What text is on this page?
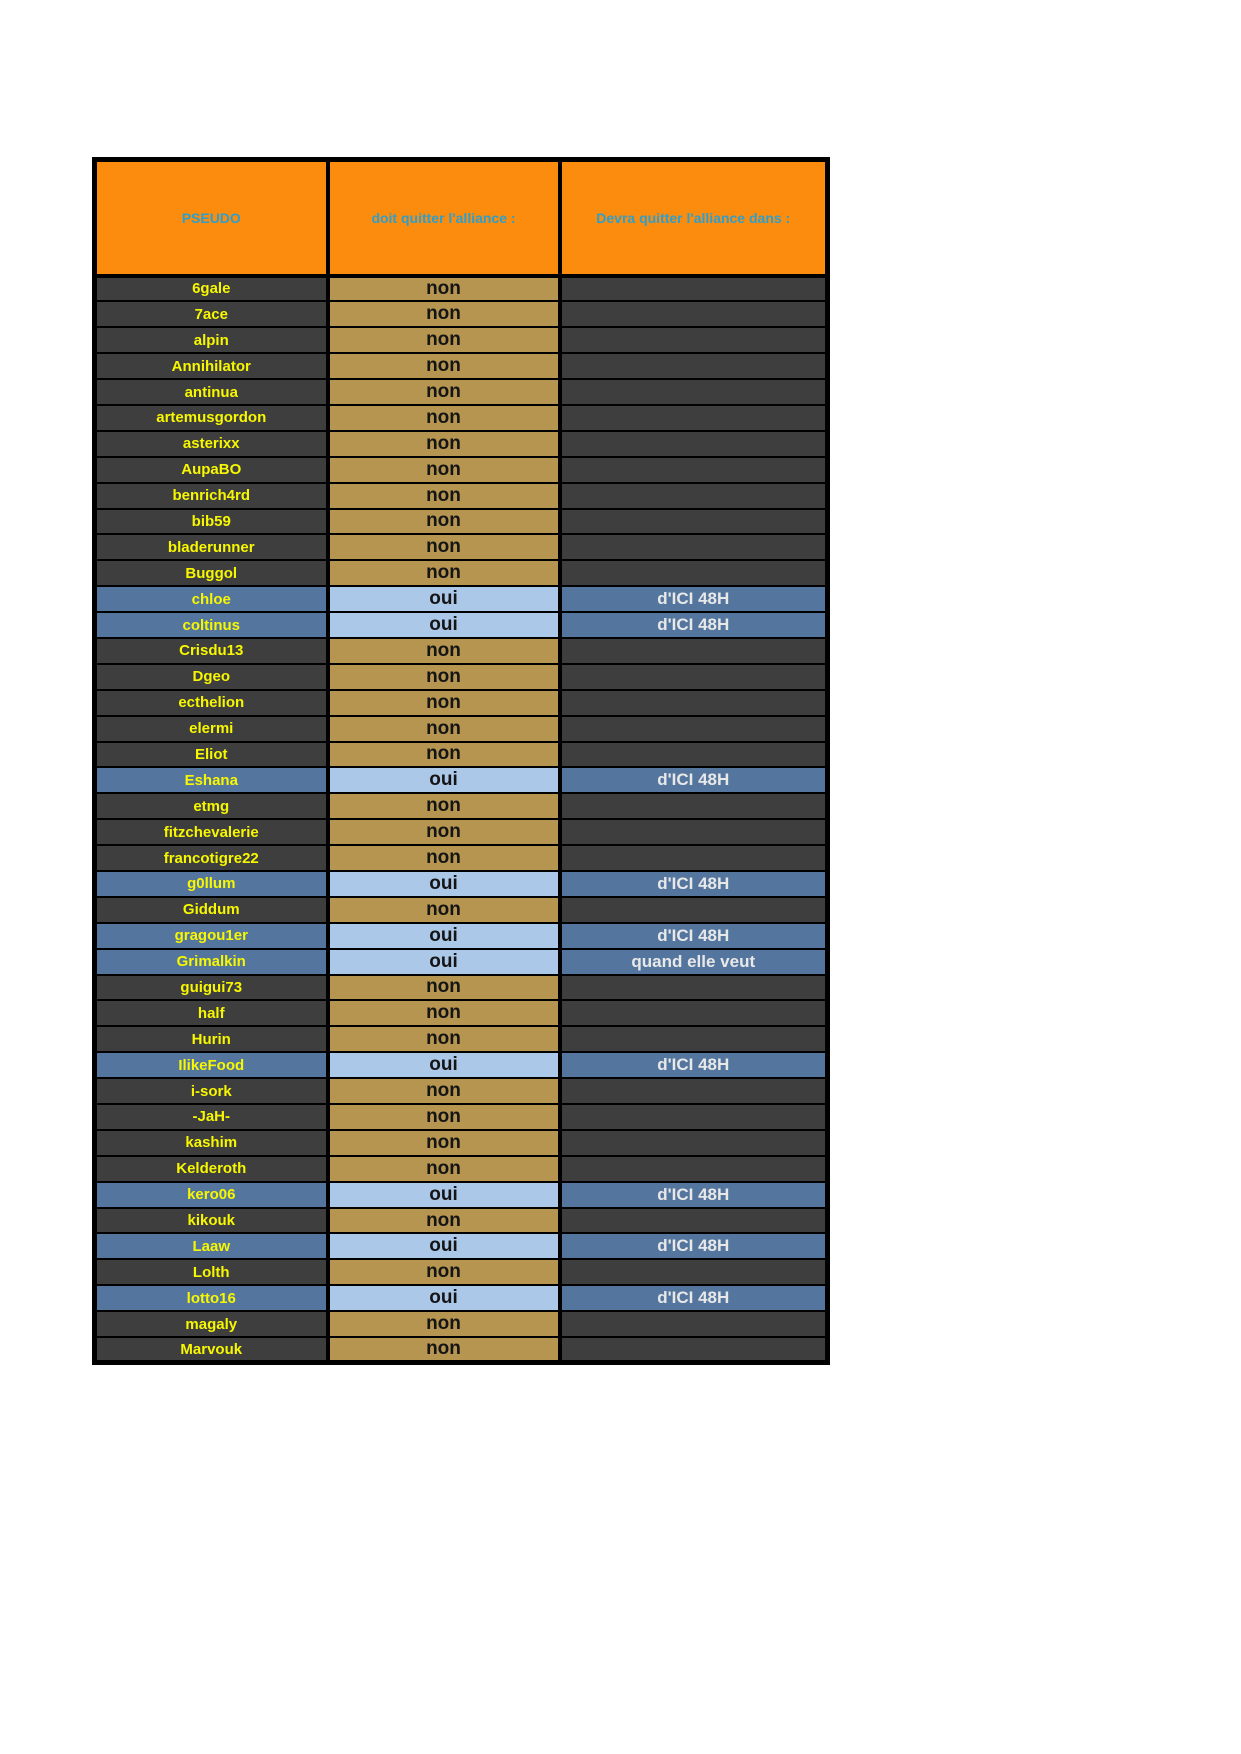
PSEUDO	doit quitter l'alliance :	Devra quitter l'alliance dans :
6gale	non	
7ace	non	
alpin	non	
Annihilator	non	
antinua	non	
artemusgordon	non	
asterixx	non	
AupaBO	non	
benrich4rd	non	
bib59	non	
bladerunner	non	
Buggol	non	
chloe	oui	d'ICI 48H
coltinus	oui	d'ICI 48H
Crisdu13	non	
Dgeo	non	
ecthelion	non	
elermi	non	
Eliot	non	
Eshana	oui	d'ICI 48H
etmg	non	
fitzchevalerie	non	
francotigre22	non	
g0llum	oui	d'ICI 48H
Giddum	non	
gragou1er	oui	d'ICI 48H
Grimalkin	oui	quand elle veut
guigui73	non	
half	non	
Hurin	non	
IlikeFood	oui	d'ICI 48H
i-sork	non	
-JaH-	non	
kashim	non	
Kelderoth	non	
kero06	oui	d'ICI 48H
kikouk	non	
Laaw	oui	d'ICI 48H
Lolth	non	
lotto16	oui	d'ICI 48H
magaly	non	
Marvouk	non	
